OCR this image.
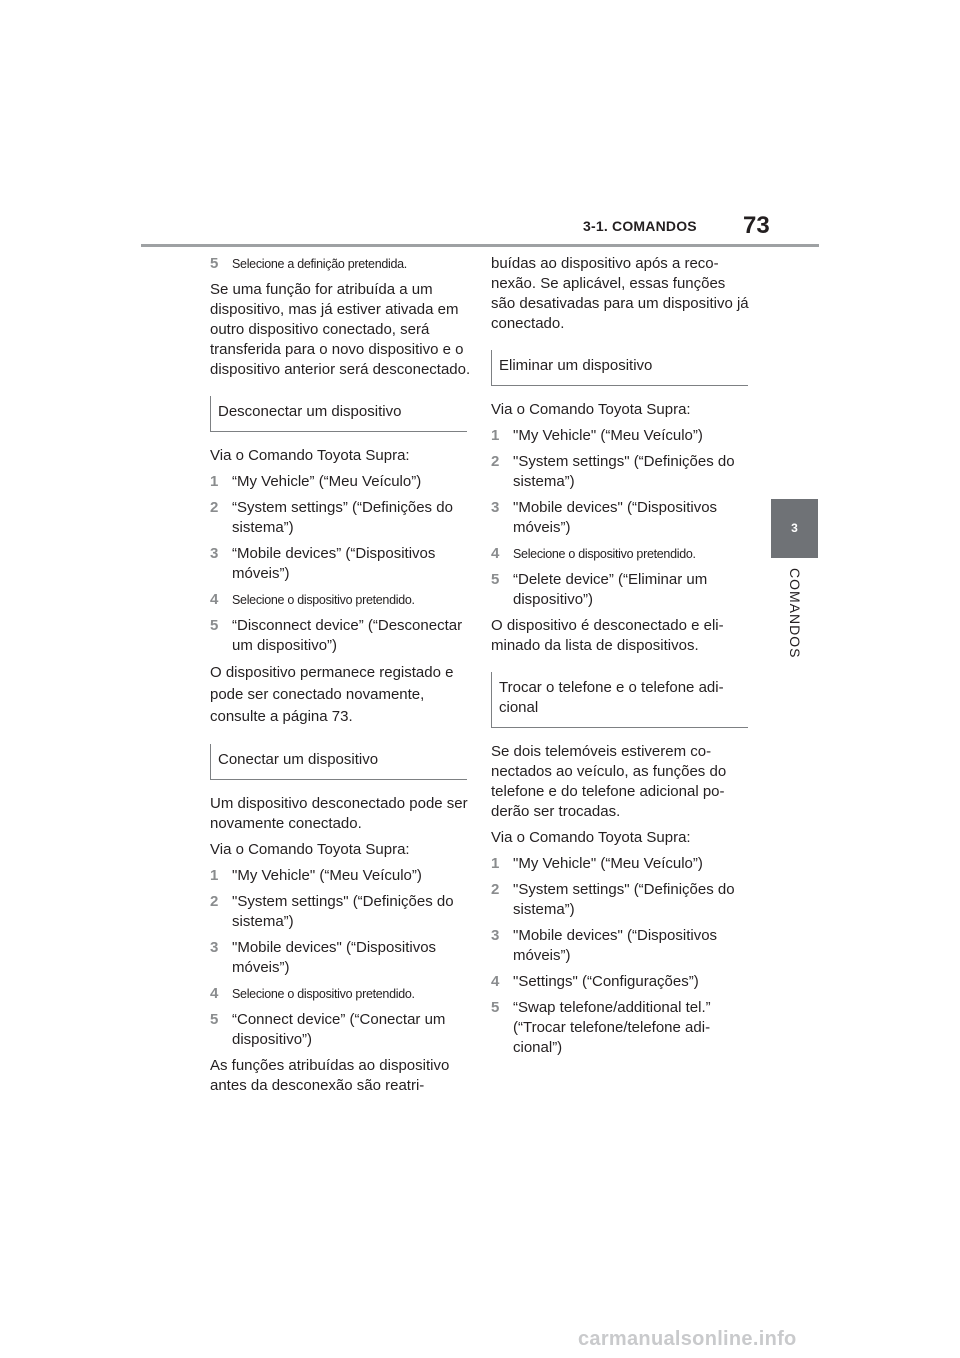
3-1. COMANDOS 73
3
COMANDOS
5 Selecione a definição pretendida.

Se uma função for atribuída a um dispositivo, mas já estiver ativada em outro dispositivo conectado, será transferida para o novo dispositivo e o dispositivo anterior será desconectado.

Desconectar um dispositivo

Via o Comando Toyota Supra:

1 “My Vehicle” (“Meu Veículo”)
2 “System settings” (“Definições do sistema”)
3 “Mobile devices” (“Dispositivos móveis”)
4 Selecione o dispositivo pretendido.
5 “Disconnect device” (“Desconectar um dispositivo”)

O dispositivo permanece registado e pode ser conectado novamente, consulte a página 73.

Conectar um dispositivo

Um dispositivo desconectado pode ser novamente conectado.

Via o Comando Toyota Supra:

1 "My Vehicle" (“Meu Veículo”)
2 "System settings" (“Definições do sistema”)
3 "Mobile devices" (“Dispositivos móveis”)
4 Selecione o dispositivo pretendido.
5 “Connect device” (“Conectar um dispositivo”)

As funções atribuídas ao dispositivo antes da desconexão são reatri-

buídas ao dispositivo após a reconexão. Se aplicável, essas funções são desativadas para um dispositivo já conectado.

Eliminar um dispositivo

Via o Comando Toyota Supra:

1 "My Vehicle" (“Meu Veículo”)
2 "System settings" (“Definições do sistema”)
3 "Mobile devices" (“Dispositivos móveis”)
4 Selecione o dispositivo pretendido.
5 “Delete device” (“Eliminar um dispositivo”)

O dispositivo é desconectado e eliminado da lista de dispositivos.

Trocar o telefone e o telefone adicional

Se dois telemóveis estiverem conectados ao veículo, as funções do telefone e do telefone adicional poderão ser trocadas.

Via o Comando Toyota Supra:

1 "My Vehicle" (“Meu Veículo”)
2 "System settings" (“Definições do sistema”)
3 "Mobile devices" (“Dispositivos móveis”)
4 "Settings" (“Configurações”)
5 “Swap telefone/additional tel.” (“Trocar telefone/telefone adicional”)
carmanualsonline.info
